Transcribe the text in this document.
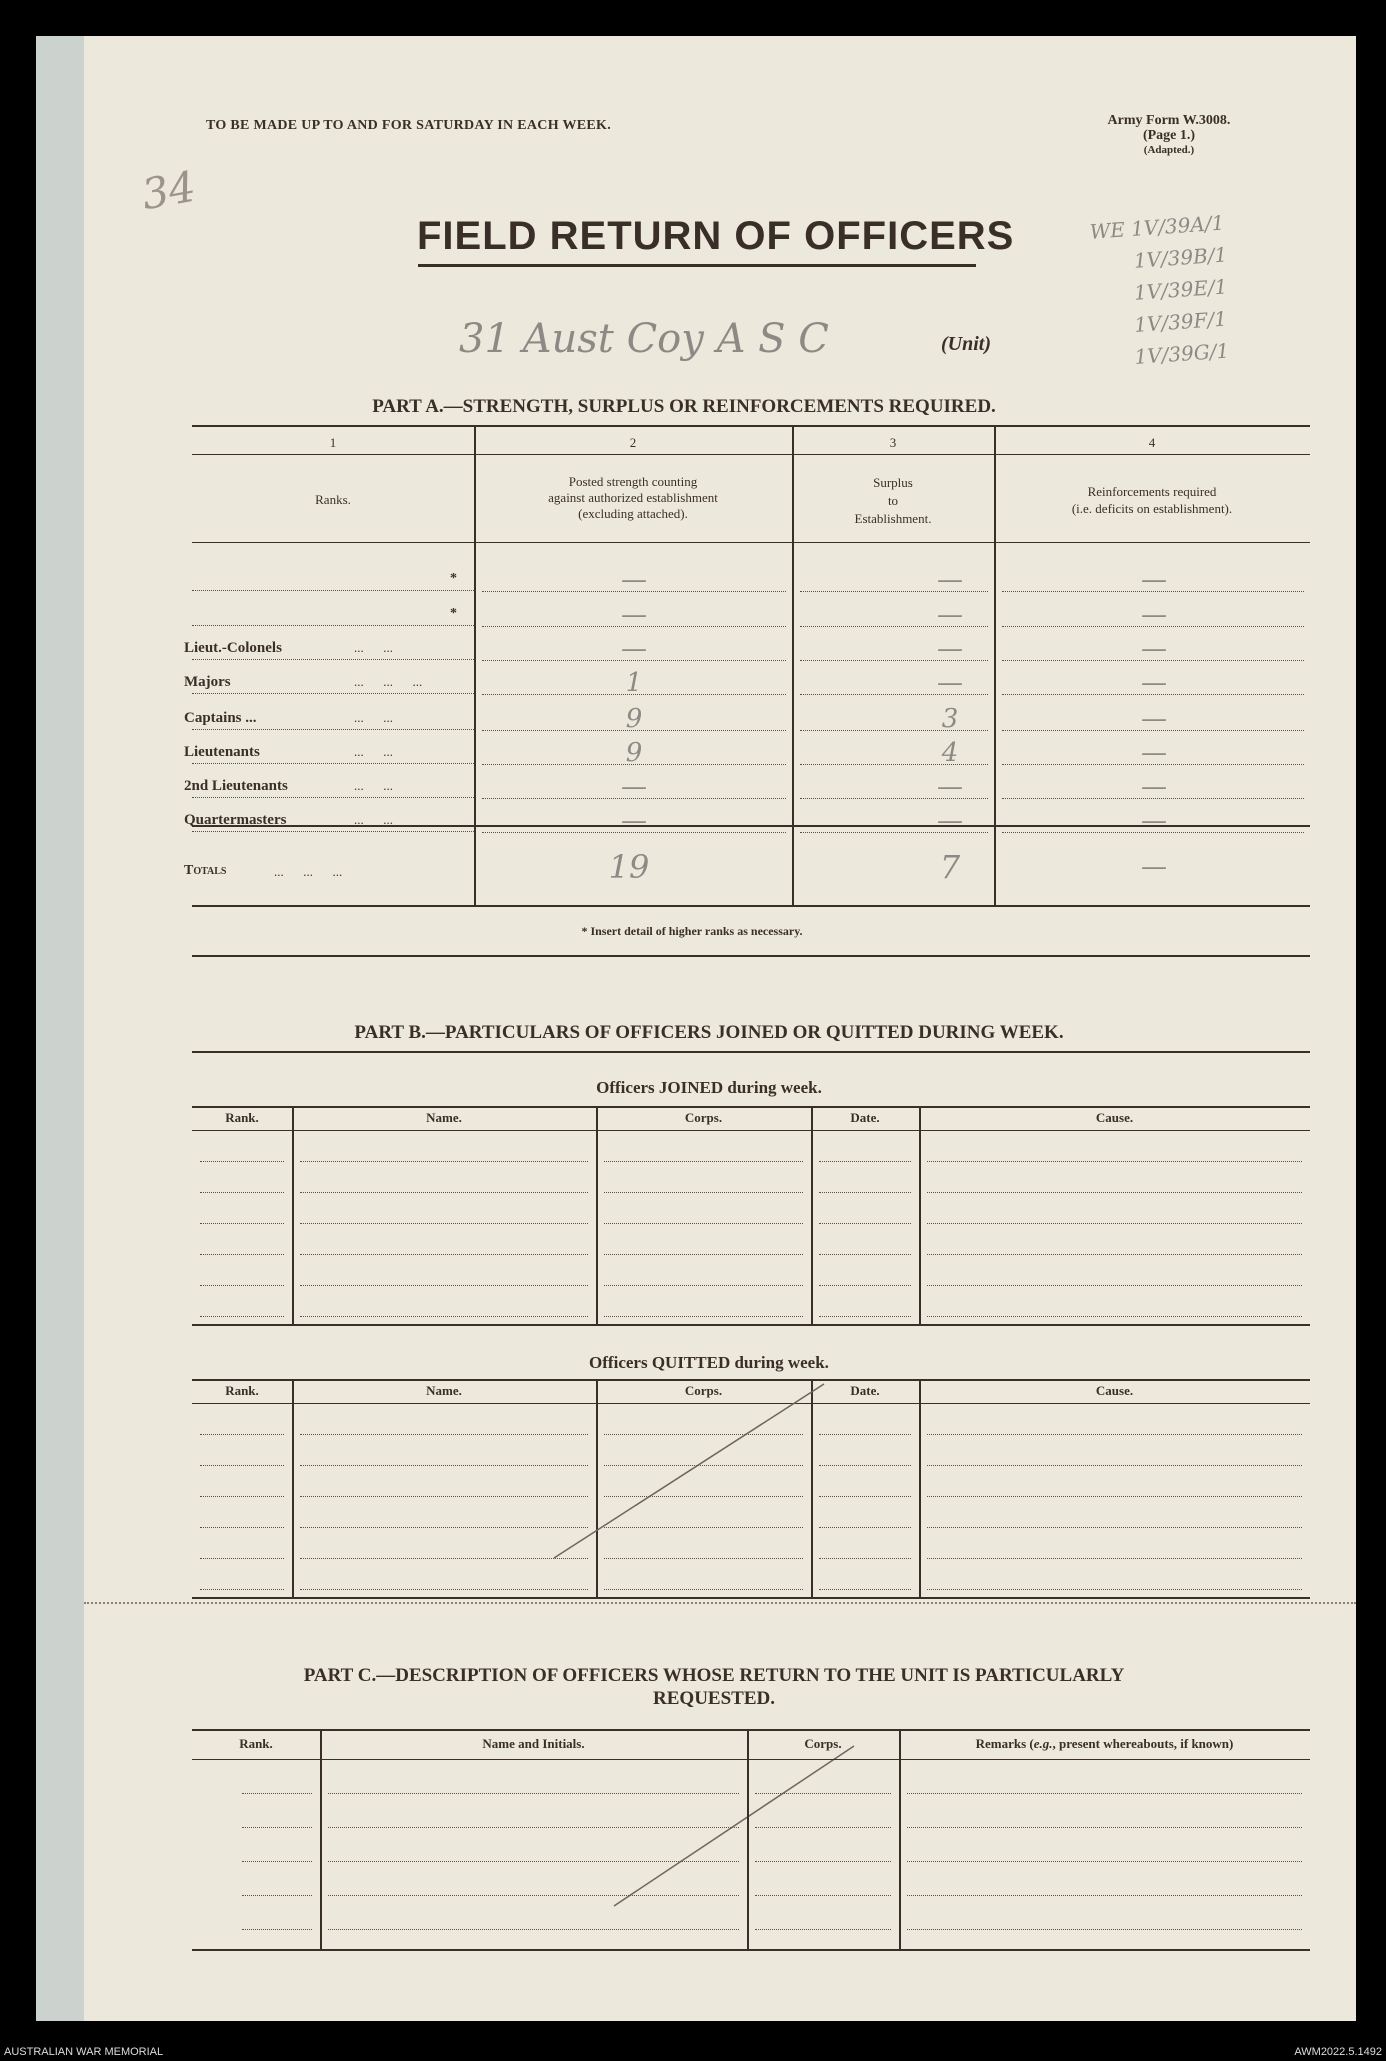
TO BE MADE UP TO AND FOR SATURDAY IN EACH WEEK.	Army Form W.3008.
(Page 1.)
(Adapted.)
34
FIELD RETURN OF OFFICERS	WE 1V/39A/1
1V/39B/1
1V/39E/1
1V/39F/1
1V/39G/1
31 Aust Coy A S C	(Unit)
PART A.—STRENGTH, SURPLUS OR REINFORCEMENTS REQUIRED.
1	2	3	4
Ranks.
Posted strength counting
against authorized establishment
(excluding attached).
Surplus
to
Establishment.
Reinforcements required
(i.e. deficits on establishment).
*	—	—	—
*	—	—	—
Lieut.-Colonels	...      ...	—	—	—
Majors	...      ...      ...	1	—	—
Captains ...	...      ...	9	3	—
Lieutenants	...      ...	9	4	—
2nd Lieutenants	...      ...	—	—	—
Quartermasters	...      ...	—	—	—
Totals	...      ...      ...	19	7	—
* Insert detail of higher ranks as necessary.
PART B.—PARTICULARS OF OFFICERS JOINED OR QUITTED DURING WEEK.
Officers JOINED during week.
Rank.	Name.	Corps.	Date.	Cause.
Officers QUITTED during week.
Rank.	Name.	Corps.	Date.	Cause.
PART C.—DESCRIPTION OF OFFICERS WHOSE RETURN TO THE UNIT IS PARTICULARLY
REQUESTED.
Rank.	Name and Initials.	Corps.	Remarks (e.g., present whereabouts, if known)
AUSTRALIAN WAR MEMORIAL	AWM2022.5.1492
